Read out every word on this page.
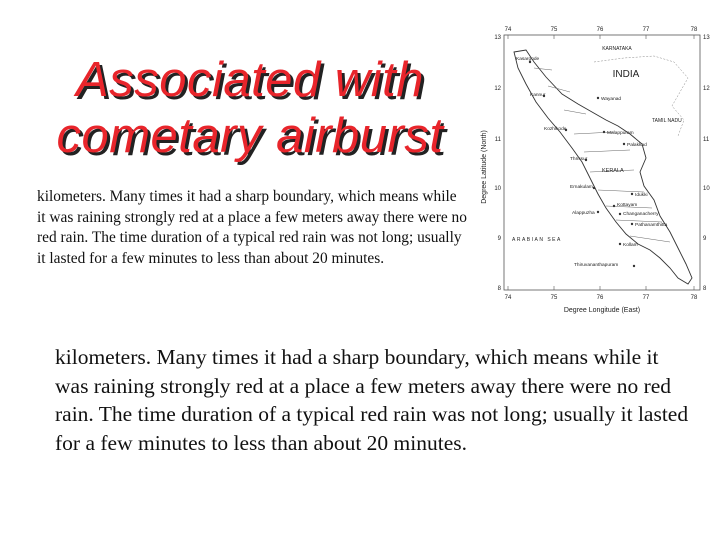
Associated with
cometary airburst

kilometers. Many times it had a sharp boundary, which means while it was raining strongly red at a place a few meters away there were no red rain. The time duration of a typical red rain was not long; usually it lasted for a few minutes to less than about 20 minutes.

74	75	76	77	78
74	75	76	77	78
13
12
11
10
9
8
13
12
11
10
9
8
Degree Longitude (East)
Degree Latitude (North)
INDIA
KARNATAKA
TAMIL NADU
KERALA
ARABIAN SEA
Kasargode
Kannur
Wayanad
Kozhikode
Malappuram
Palakkad
Thrissur
Ernakulam
Idukki
Kottayam
Alappuzha	Changanacherry
Pathanamthitta
Kollam
Thiruvananthapuram

kilometers. Many times it had a sharp boundary, which means while it was raining strongly red at a place a few meters away there were no red rain. The time duration of a typical red rain was not long; usually it lasted for a few minutes to less than about 20 minutes.
